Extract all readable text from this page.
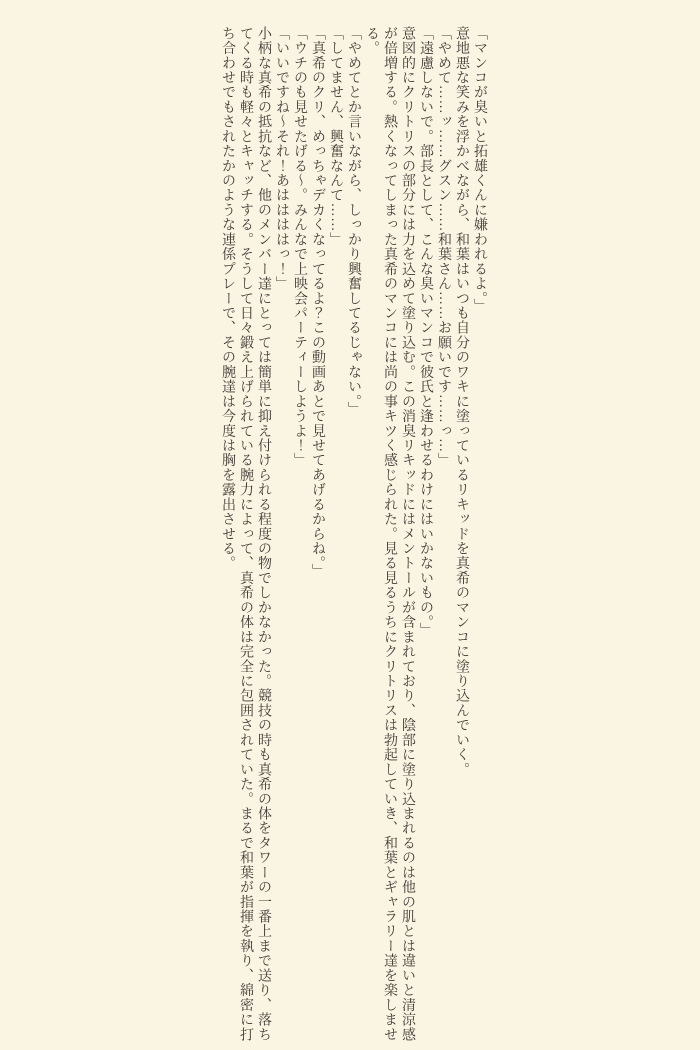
「マンコが臭いと拓雄くんに嫌われるよ。」

意地悪な笑みを浮かべながら、和葉はいつも自分のワキに塗っているリキッドを真希のマンコに塗り込んでいく。

「やめて……ッ……グスン……和葉さん……お願いです……っ…」

「遠慮しないで。部長として、こんな臭いマンコで彼氏と逢わせるわけにはいかないもの。」

意図的にクリトリスの部分には力を込めて塗り込む。この消臭リキッドにはメントールが含まれており、陰部に塗り込まれるのは他の肌とは違いと清涼感が倍増する。熱くなってしまった真希のマンコには尚の事キツく感じられた。見る見るうちにクリトリスは勃起していき、和葉とギャラリー達を楽しませる。

「やめてとか言いながら、しっかり興奮してるじゃない。」

「してません、興奮なんて……」

「真希のクリ、めっちゃデカくなってるよ？この動画あとで見せてあげるからね。」

「ウチのも見せたげる〜。みんなで上映会パーティーしようよ！」

「いいですね〜それ！あははははっ！」

小柄な真希の抵抗など、他のメンバー達にとっては簡単に抑え付けられる程度の物でしかなかった。競技の時も真希の体をタワーの一番上まで送り、落ちてくる時も軽々とキャッチする。そうして日々鍛え上げられている腕力によって、真希の体は完全に包囲されていた。まるで和葉が指揮を執り、綿密に打ち合わせでもされたかのような連係プレーで、その腕達は今度は胸を露出させる。
